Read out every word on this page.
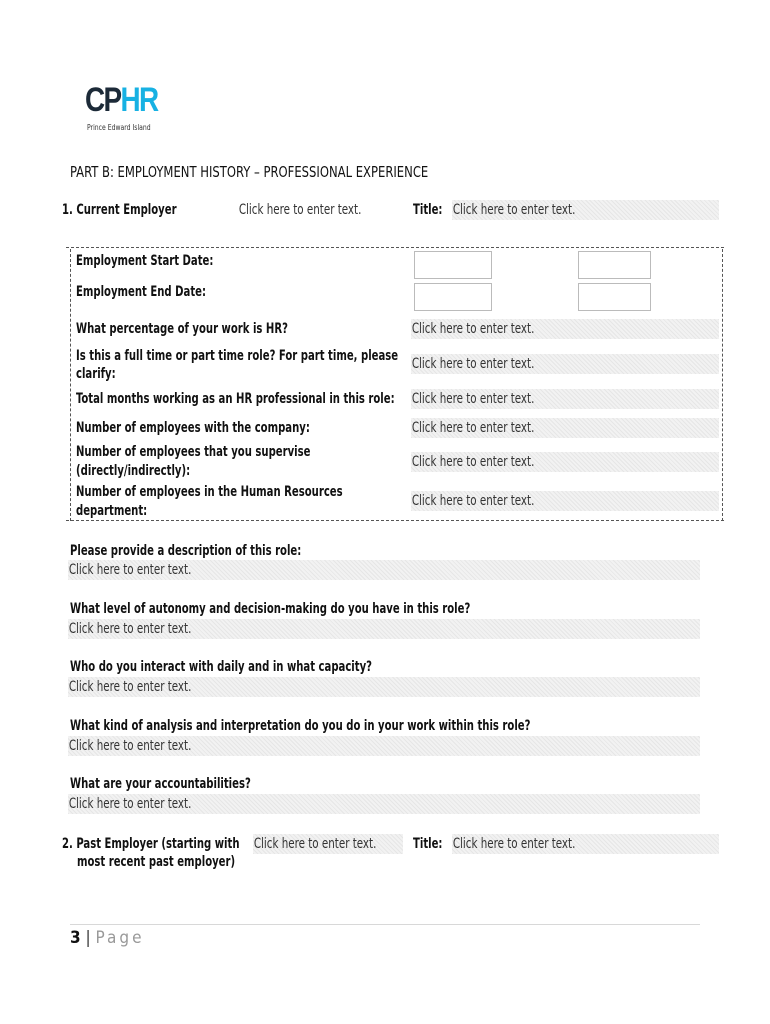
CPHR
Prince Edward Island
PART B: EMPLOYMENT HISTORY – PROFESSIONAL EXPERIENCE
1. Current Employer	Click here to enter text.	Title: Click here to enter text.
Employment Start Date:
Employment End Date:
What percentage of your work is HR?	Click here to enter text.
Is this a full time or part time role? For part time, please
clarify:
Click here to enter text.
Total months working as an HR professional in this role: Click here to enter text.
Number of employees with the company:	Click here to enter text.
Number of employees that you supervise
(directly/indirectly):
Click here to enter text.
Number of employees in the Human Resources
department:
Click here to enter text.
Please provide a description of this role:
Click here to enter text.
What level of autonomy and decision-making do you have in this role?
Click here to enter text.
Who do you interact with daily and in what capacity?
Click here to enter text.
What kind of analysis and interpretation do you do in your work within this role?
Click here to enter text.
What are your accountabilities?
Click here to enter text.
2. Past Employer (starting with
most recent past employer)
Click here to enter text.	Title: Click here to enter text.
3 | Page
